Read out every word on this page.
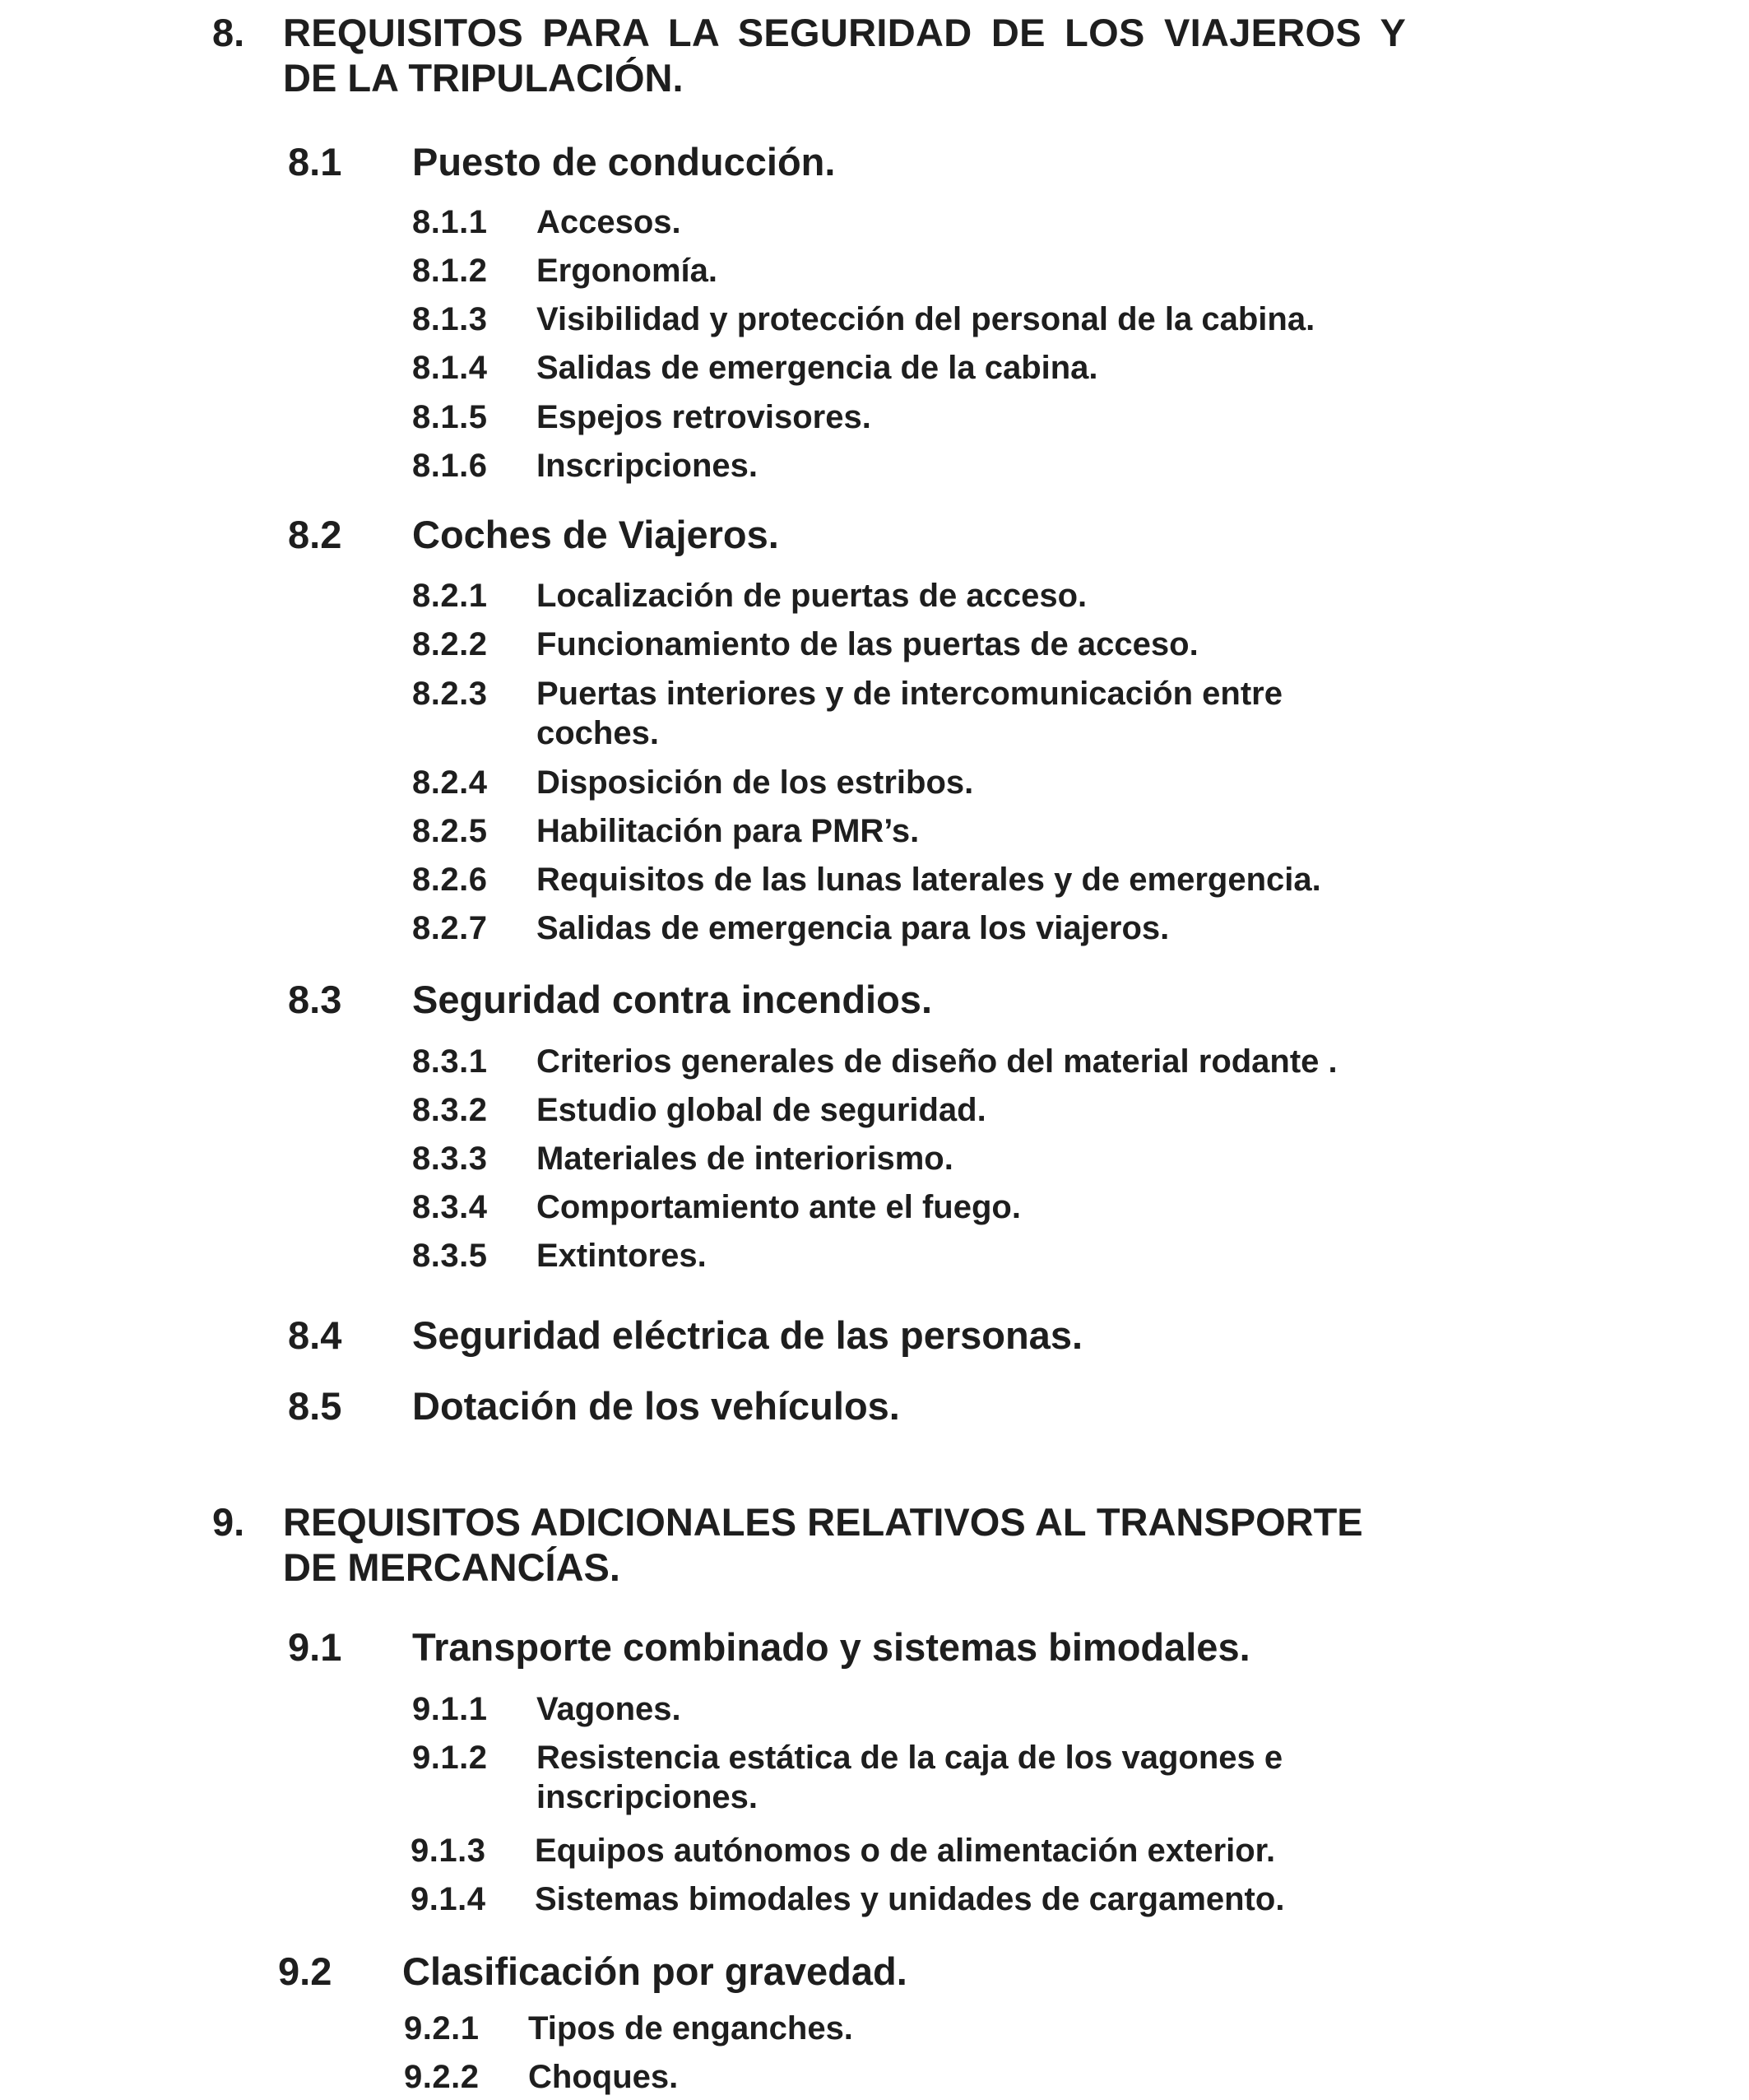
8. REQUISITOS PARA LA SEGURIDAD DE LOS VIAJEROS Y
DE LA TRIPULACIÓN.
8.1 Puesto de conducción.
8.1.1 Accesos.
8.1.2 Ergonomía.
8.1.3 Visibilidad y protección del personal de la cabina.
8.1.4 Salidas de emergencia de la cabina.
8.1.5 Espejos retrovisores.
8.1.6 Inscripciones.
8.2 Coches de Viajeros.
8.2.1 Localización de puertas de acceso.
8.2.2 Funcionamiento de las puertas de acceso.
8.2.3 Puertas interiores y de intercomunicación entre
coches.
8.2.4 Disposición de los estribos.
8.2.5 Habilitación para PMR’s.
8.2.6 Requisitos de las lunas laterales y de emergencia.
8.2.7 Salidas de emergencia para los viajeros.
8.3 Seguridad contra incendios.
8.3.1 Criterios generales de diseño del material rodante .
8.3.2 Estudio global de seguridad.
8.3.3 Materiales de interiorismo.
8.3.4 Comportamiento ante el fuego.
8.3.5 Extintores.
8.4 Seguridad eléctrica de las personas.
8.5 Dotación de los vehículos.
9. REQUISITOS ADICIONALES RELATIVOS AL TRANSPORTE
DE MERCANCÍAS.
9.1 Transporte combinado y sistemas bimodales.
9.1.1 Vagones.
9.1.2 Resistencia estática de la caja de los vagones e
inscripciones.
9.1.3 Equipos autónomos o de alimentación exterior.
9.1.4 Sistemas bimodales y unidades de cargamento.
9.2 Clasificación por gravedad.
9.2.1 Tipos de enganches.
9.2.2 Choques.
